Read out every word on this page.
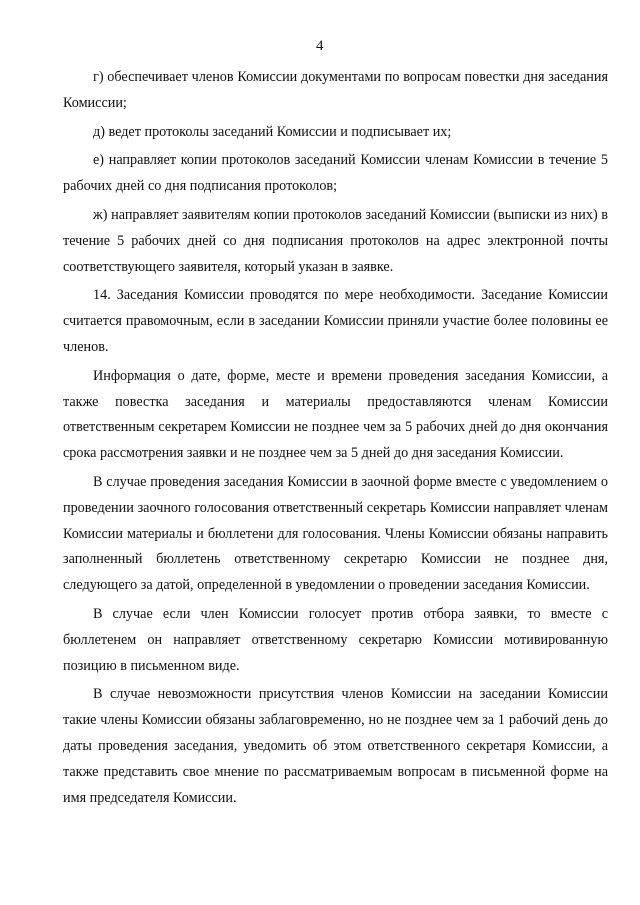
4

г) обеспечивает членов Комиссии документами по вопросам повестки дня заседания Комиссии;

д) ведет протоколы заседаний Комиссии и подписывает их;

е) направляет копии протоколов заседаний Комиссии членам Комиссии в течение 5 рабочих дней со дня подписания протоколов;

ж) направляет заявителям копии протоколов заседаний Комиссии (выписки из них) в течение 5 рабочих дней со дня подписания протоколов на адрес электронной почты соответствующего заявителя, который указан в заявке.

14. Заседания Комиссии проводятся по мере необходимости. Заседание Комиссии считается правомочным, если в заседании Комиссии приняли участие более половины ее членов.

Информация о дате, форме, месте и времени проведения заседания Комиссии, а также повестка заседания и материалы предоставляются членам Комиссии ответственным секретарем Комиссии не позднее чем за 5 рабочих дней до дня окончания срока рассмотрения заявки и не позднее чем за 5 дней до дня заседания Комиссии.

В случае проведения заседания Комиссии в заочной форме вместе с уведомлением о проведении заочного голосования ответственный секретарь Комиссии направляет членам Комиссии материалы и бюллетени для голосования. Члены Комиссии обязаны направить заполненный бюллетень ответственному секретарю Комиссии не позднее дня, следующего за датой, определенной в уведомлении о проведении заседания Комиссии.

В случае если член Комиссии голосует против отбора заявки, то вместе с бюллетенем он направляет ответственному секретарю Комиссии мотивированную позицию в письменном виде.

В случае невозможности присутствия членов Комиссии на заседании Комиссии такие члены Комиссии обязаны заблаговременно, но не позднее чем за 1 рабочий день до даты проведения заседания, уведомить об этом ответственного секретаря Комиссии, а также представить свое мнение по рассматриваемым вопросам в письменной форме на имя председателя Комиссии.
